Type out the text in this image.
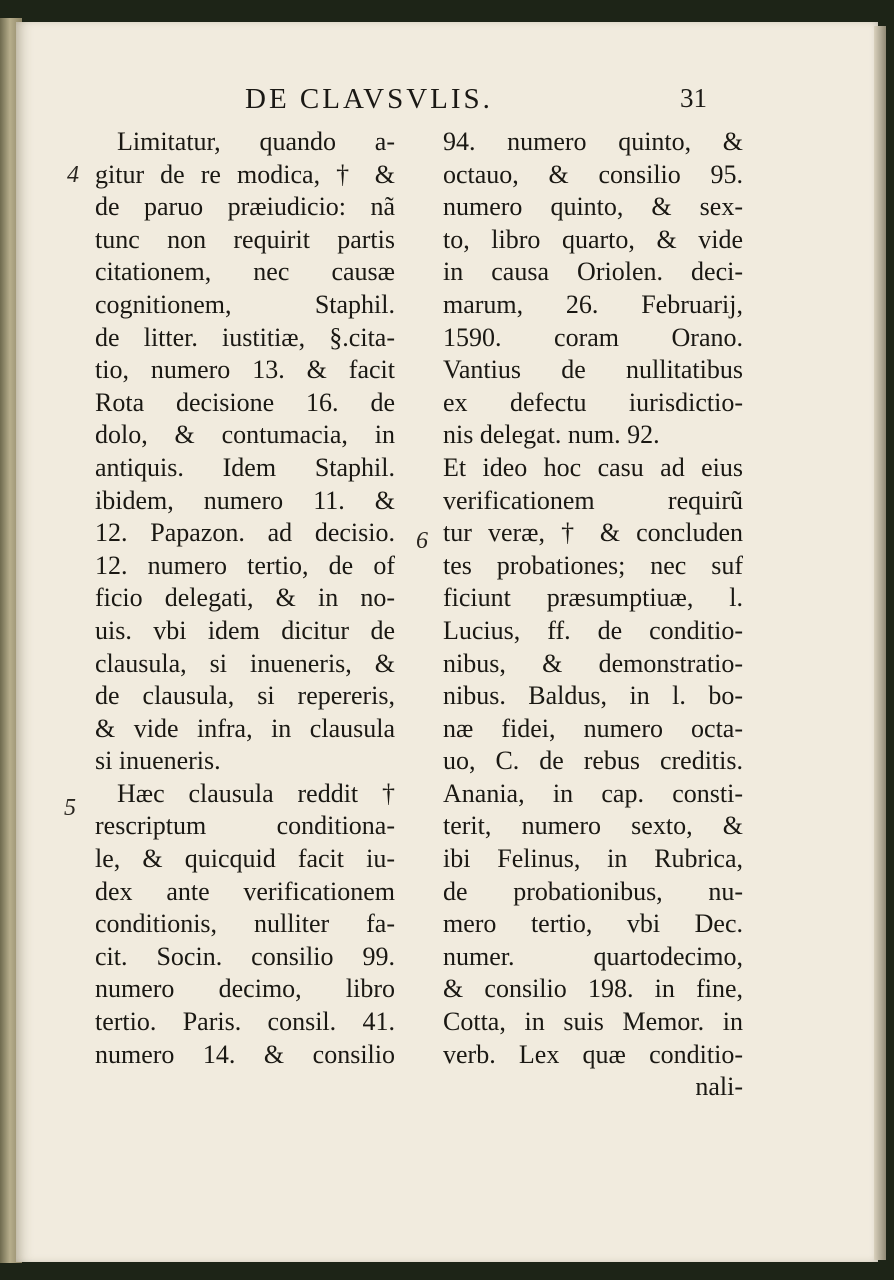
DE CLAVSVLIS.	31
4
5
6
Limitatur, quando a-
gitur de re modica, † &
de paruo præiudicio: nã
tunc non requirit partis
citationem, nec causæ
cognitionem, Staphil.
de litter. iustitiæ, §.cita-
tio, numero 13. & facit
Rota decisione 16. de
dolo, & contumacia, in
antiquis. Idem Staphil.
ibidem, numero 11. &
12. Papazon. ad decisio.
12. numero tertio, de of
ficio delegati, & in no-
uis. vbi idem dicitur de
clausula, si inueneris, &
de clausula, si repereris,
& vide infra, in clausula
si inueneris.
Hæc clausula reddit †
rescriptum conditiona-
le, & quicquid facit iu-
dex ante verificationem
conditionis, nulliter fa-
cit. Socin. consilio 99.
numero decimo, libro
tertio. Paris. consil. 41.
numero 14. & consilio
94. numero quinto, &
octauo, & consilio 95.
numero quinto, & sex-
to, libro quarto, & vide
in causa Oriolen. deci-
marum, 26. Februarij,
1590. coram Orano.
Vantius de nullitatibus
ex defectu iurisdictio-
nis delegat. num. 92.
Et ideo hoc casu ad eius
verificationem requirũ
tur veræ, † & concluden
tes probationes; nec suf
ficiunt præsumptiuæ, l.
Lucius, ff. de conditio-
nibus, & demonstratio-
nibus. Baldus, in l. bo-
næ fidei, numero octa-
uo, C. de rebus creditis.
Anania, in cap. consti-
terit, numero sexto, &
ibi Felinus, in Rubrica,
de probationibus, nu-
mero tertio, vbi Dec.
numer. quartodecimo,
& consilio 198. in fine,
Cotta, in suis Memor. in
verb. Lex quæ conditio-
nali-
